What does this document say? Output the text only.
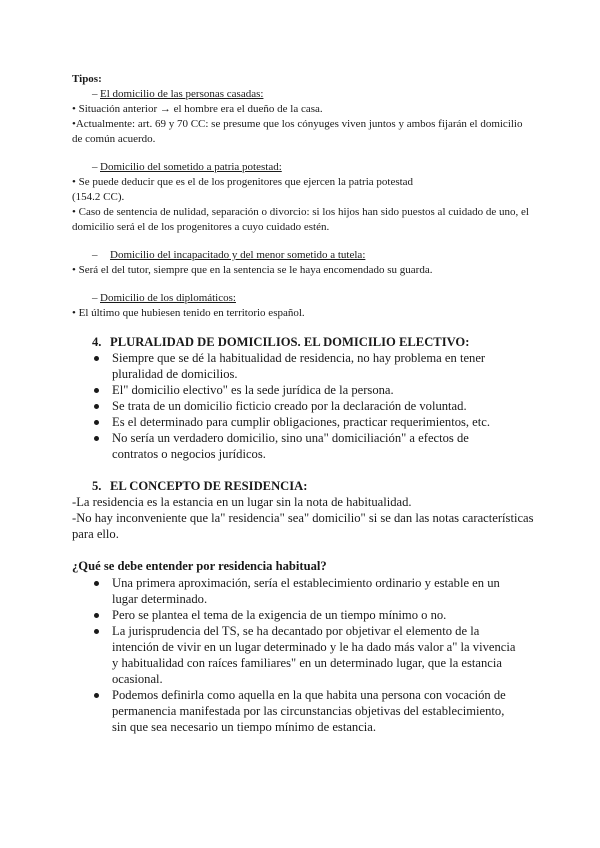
Tipos:
– El domicilio de las personas casadas:

• Situación anterior → el hombre era el dueño de la casa.

•Actualmente: art. 69 y 70 CC: se presume que los cónyuges viven juntos y ambos fijarán el domicilio de común acuerdo.

– Domicilio del sometido a patria potestad:

• Se puede deducir que es el de los progenitores que ejercen la patria potestad

(154.2 CC).

• Caso de sentencia de nulidad, separación o divorcio: si los hijos han sido puestos al cuidado de uno, el domicilio será el de los progenitores a cuyo cuidado estén.

– Domicilio del incapacitado y del menor sometido a tutela:

• Será el del tutor, siempre que en la sentencia se le haya encomendado su guarda.

– Domicilio de los diplomáticos:

• El último que hubiesen tenido en territorio español.

4. PLURALIDAD DE DOMICILIOS. EL DOMICILIO ELECTIVO:
Siempre que se dé la habitualidad de residencia, no hay problema en tener pluralidad de domicilios.
El" domicilio electivo" es la sede jurídica de la persona.
Se trata de un domicilio ficticio creado por la declaración de voluntad.
Es el determinado para cumplir obligaciones, practicar requerimientos, etc.
No sería un verdadero domicilio, sino una" domiciliación" a efectos de contratos o negocios jurídicos.
5. EL CONCEPTO DE RESIDENCIA:

-La residencia es la estancia en un lugar sin la nota de habitualidad.

-No hay inconveniente que la" residencia" sea" domicilio" si se dan las notas características para ello.

¿Qué se debe entender por residencia habitual?
Una primera aproximación, sería el establecimiento ordinario y estable en un lugar determinado.
Pero se plantea el tema de la exigencia de un tiempo mínimo o no.
La jurisprudencia del TS, se ha decantado por objetivar el elemento de la intención de vivir en un lugar determinado y le ha dado más valor a" la vivencia y habitualidad con raíces familiares" en un determinado lugar, que la estancia ocasional.
Podemos definirla como aquella en la que habita una persona con vocación de permanencia manifestada por las circunstancias objetivas del establecimiento, sin que sea necesario un tiempo mínimo de estancia.
